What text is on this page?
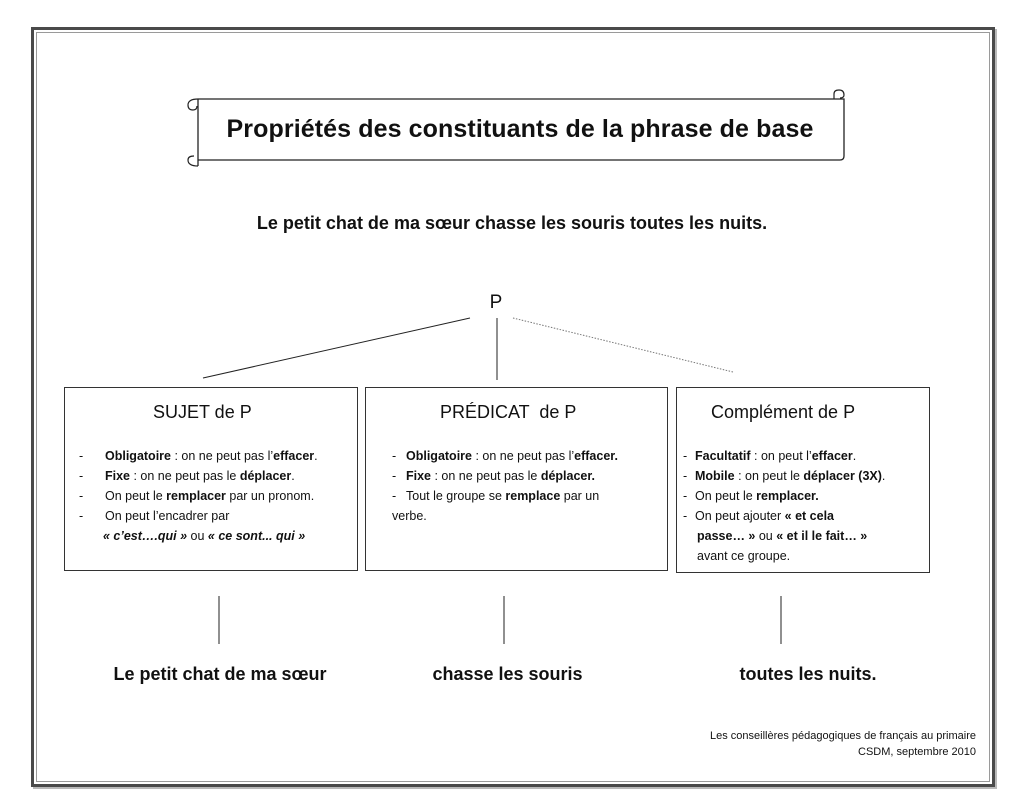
Propriétés des constituants de la phrase de base
Le petit chat de ma sœur chasse les souris toutes les nuits.
P
SUJET de P
- Obligatoire : on ne peut pas l’effacer.
- Fixe : on ne peut pas le déplacer.
- On peut le remplacer par un pronom.
- On peut l’encadrer par
« c’est….qui » ou « ce sont... qui »
PRÉDICAT  de P
- Obligatoire : on ne peut pas l’effacer.
- Fixe : on ne peut pas le déplacer.
- Tout le groupe se remplace par un
verbe.
Complément de P
- Facultatif : on peut l’effacer.
- Mobile : on peut le déplacer (3X).
- On peut le remplacer.
- On peut ajouter « et cela
passe… » ou « et il le fait… »
avant ce groupe.
Le petit chat de ma sœur	chasse les souris	toutes les nuits.
Les conseillères pédagogiques de français au primaire
CSDM, septembre 2010
